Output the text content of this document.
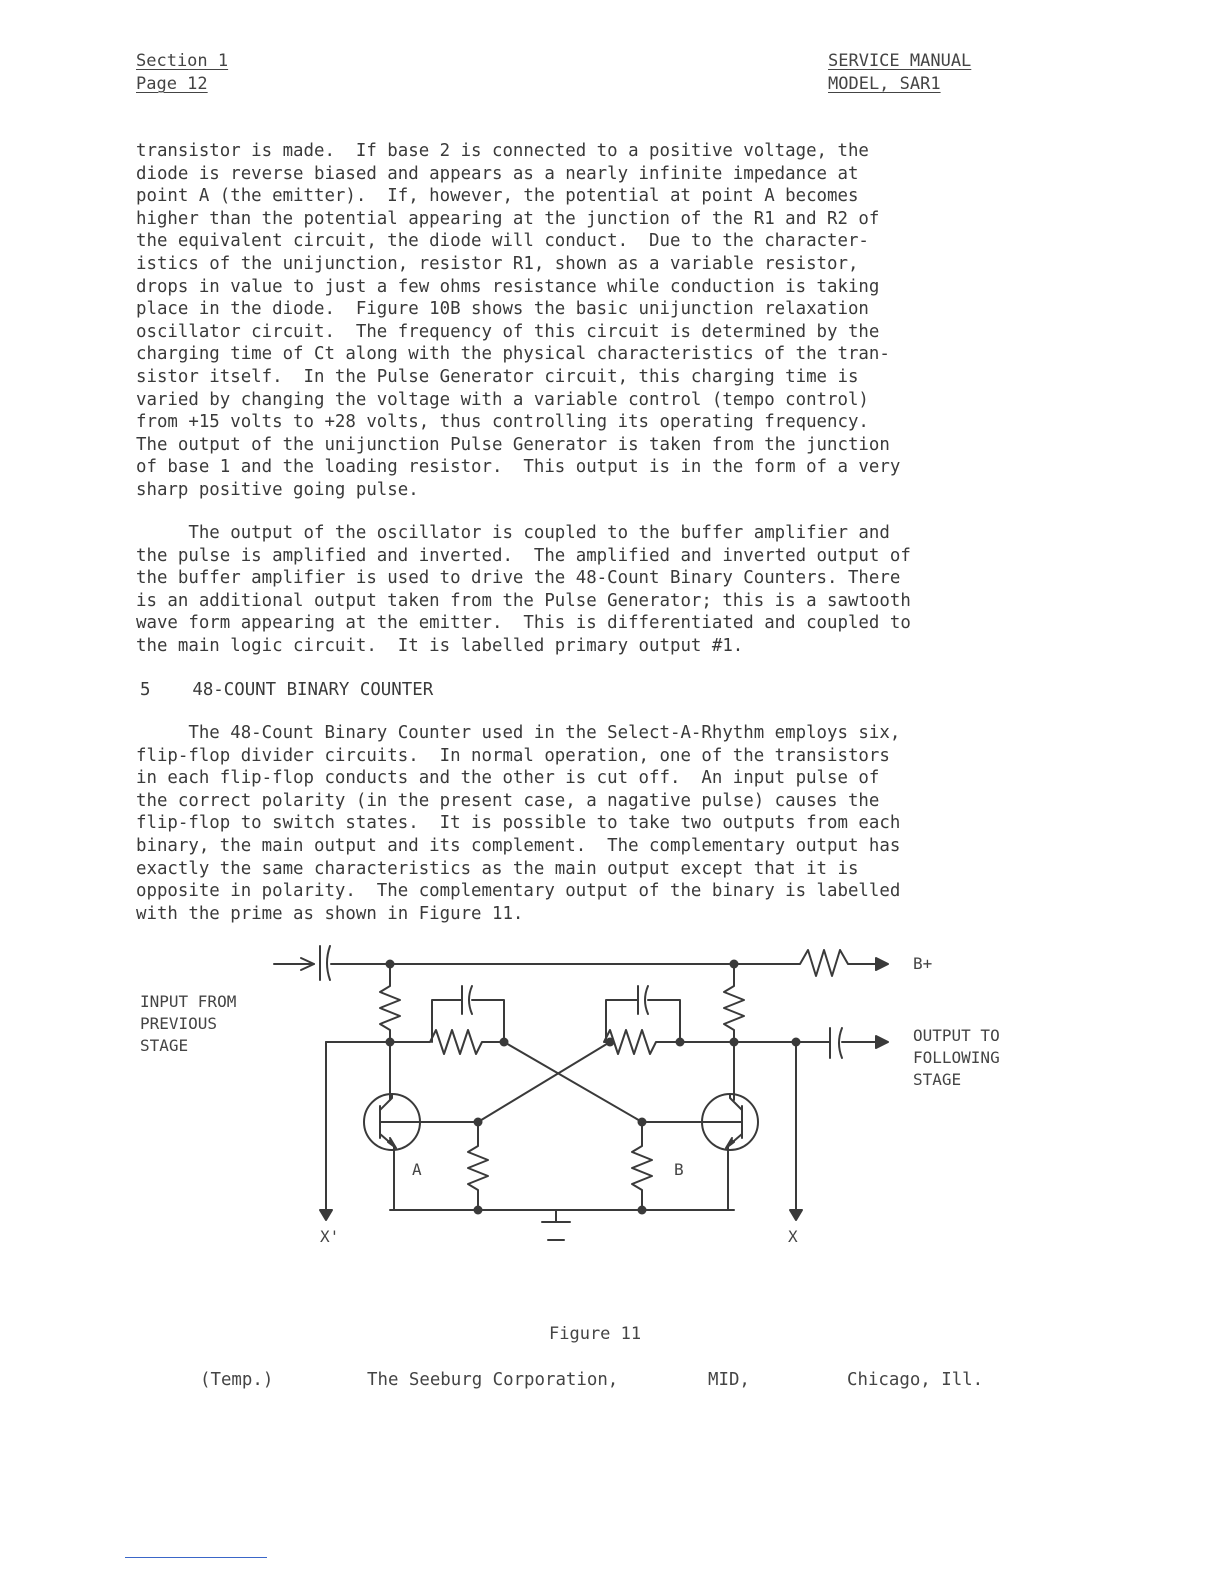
Section 1
Page 12
SERVICE MANUAL
MODEL, SAR1
transistor is made.  If base 2 is connected to a positive voltage, the
diode is reverse biased and appears as a nearly infinite impedance at
point A (the emitter).  If, however, the potential at point A becomes
higher than the potential appearing at the junction of the R1 and R2 of
the equivalent circuit, the diode will conduct.  Due to the character-
istics of the unijunction, resistor R1, shown as a variable resistor,
drops in value to just a few ohms resistance while conduction is taking
place in the diode.  Figure 10B shows the basic unijunction relaxation
oscillator circuit.  The frequency of this circuit is determined by the
charging time of Ct along with the physical characteristics of the tran-
sistor itself.  In the Pulse Generator circuit, this charging time is
varied by changing the voltage with a variable control (tempo control)
from +15 volts to +28 volts, thus controlling its operating frequency.
The output of the unijunction Pulse Generator is taken from the junction
of base 1 and the loading resistor.  This output is in the form of a very
sharp positive going pulse.
The output of the oscillator is coupled to the buffer amplifier and
the pulse is amplified and inverted.  The amplified and inverted output of
the buffer amplifier is used to drive the 48-Count Binary Counters. There
is an additional output taken from the Pulse Generator; this is a sawtooth
wave form appearing at the emitter.  This is differentiated and coupled to
the main logic circuit.  It is labelled primary output #1.
5    48-COUNT BINARY COUNTER
The 48-Count Binary Counter used in the Select-A-Rhythm employs six,
flip-flop divider circuits.  In normal operation, one of the transistors
in each flip-flop conducts and the other is cut off.  An input pulse of
the correct polarity (in the present case, a nagative pulse) causes the
flip-flop to switch states.  It is possible to take two outputs from each
binary, the main output and its complement.  The complementary output has
exactly the same characteristics as the main output except that it is
opposite in polarity.  The complementary output of the binary is labelled
with the prime as shown in Figure 11.
INPUT FROM
PREVIOUS
STAGE
OUTPUT TO
FOLLOWING
STAGE
B+
A	B
X'	X
Figure 11
(Temp.)	The Seeburg Corporation,	MID,	Chicago, Ill.
